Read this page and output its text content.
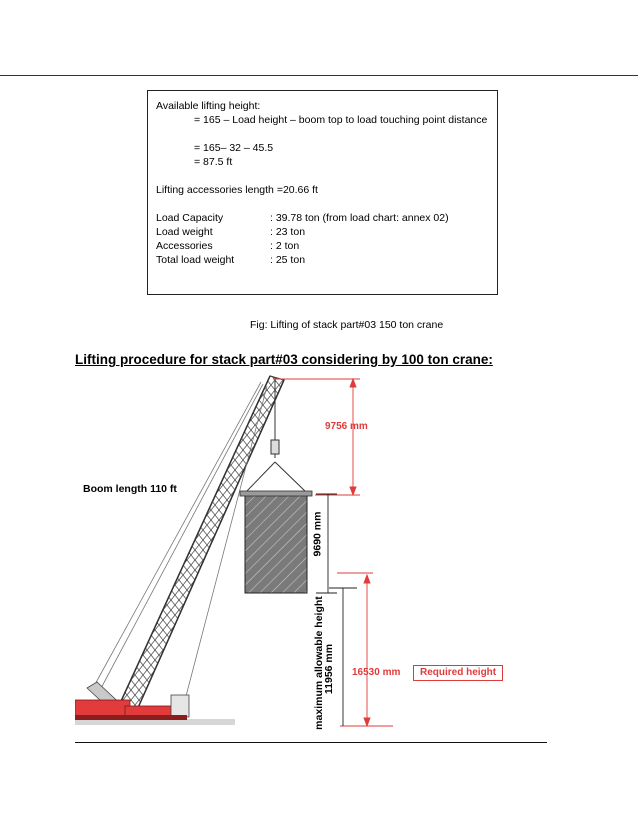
Available lifting height:
= 165 – Load height – boom top to load touching point distance
= 165– 32 – 45.5
= 87.5 ft
Lifting accessories length =20.66 ft
Load Capacity	: 39.78 ton (from load chart: annex 02)
Load weight	: 23 ton
Accessories	: 2 ton
Total load weight	: 25 ton
Fig: Lifting of stack part#03 150 ton crane
Lifting procedure for stack part#03 considering by 100 ton crane:
Boom length 110 ft
9756 mm
9690 mm
maximum allowable height
11956 mm 16530 mm	Required height
